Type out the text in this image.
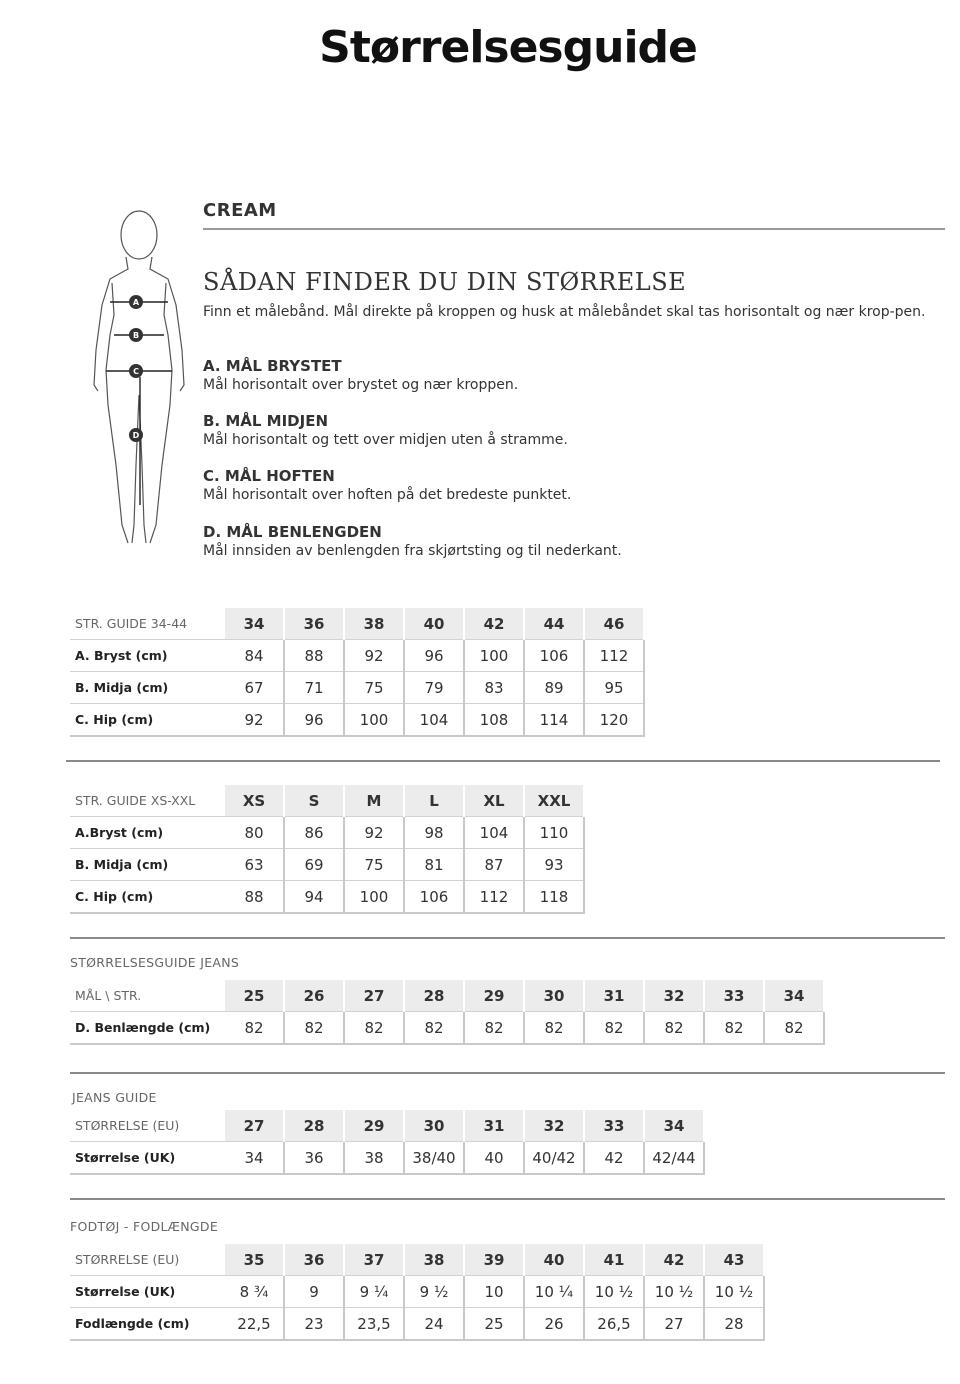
Størrelsesguide
A
B
C
D
CREAM
SÅDAN FINDER DU DIN STØRRELSE
Finn et målebånd. Mål direkte på kroppen og husk at målebåndet skal tas horisontalt og nær krop-pen.
A. MÅL BRYSTET
Mål horisontalt over brystet og nær kroppen.
B. MÅL MIDJEN
Mål horisontalt og tett over midjen uten å stramme.
C. MÅL HOFTEN
Mål horisontalt over hoften på det bredeste punktet.
D. MÅL BENLENGDEN
Mål innsiden av benlengden fra skjørtsting og til nederkant.
STR. GUIDE 34-44	34	36	38	40	42	44	46
A. Bryst (cm)	84	88	92	96	100	106	112
B. Midja (cm)	67	71	75	79	83	89	95
C. Hip (cm)	92	96	100	104	108	114	120
STR. GUIDE XS-XXL	XS	S	M	L	XL	XXL
A.Bryst (cm)	80	86	92	98	104	110
B. Midja (cm)	63	69	75	81	87	93
C. Hip (cm)	88	94	100	106	112	118
STØRRELSESGUIDE JEANS
MÅL \ STR.	25	26	27	28	29	30	31	32	33	34
D. Benlængde (cm)	82	82	82	82	82	82	82	82	82	82
JEANS GUIDE
STØRRELSE (EU)	27	28	29	30	31	32	33	34
Størrelse (UK)	34	36	38	38/40	40	40/42	42	42/44
FODTØJ - FODLÆNGDE
STØRRELSE (EU)	35	36	37	38	39	40	41	42	43
Størrelse (UK)	8 ¾	9	9 ¼	9 ½	10	10 ¼	10 ½	10 ½	10 ½
Fodlængde (cm)	22,5	23	23,5	24	25	26	26,5	27	28
